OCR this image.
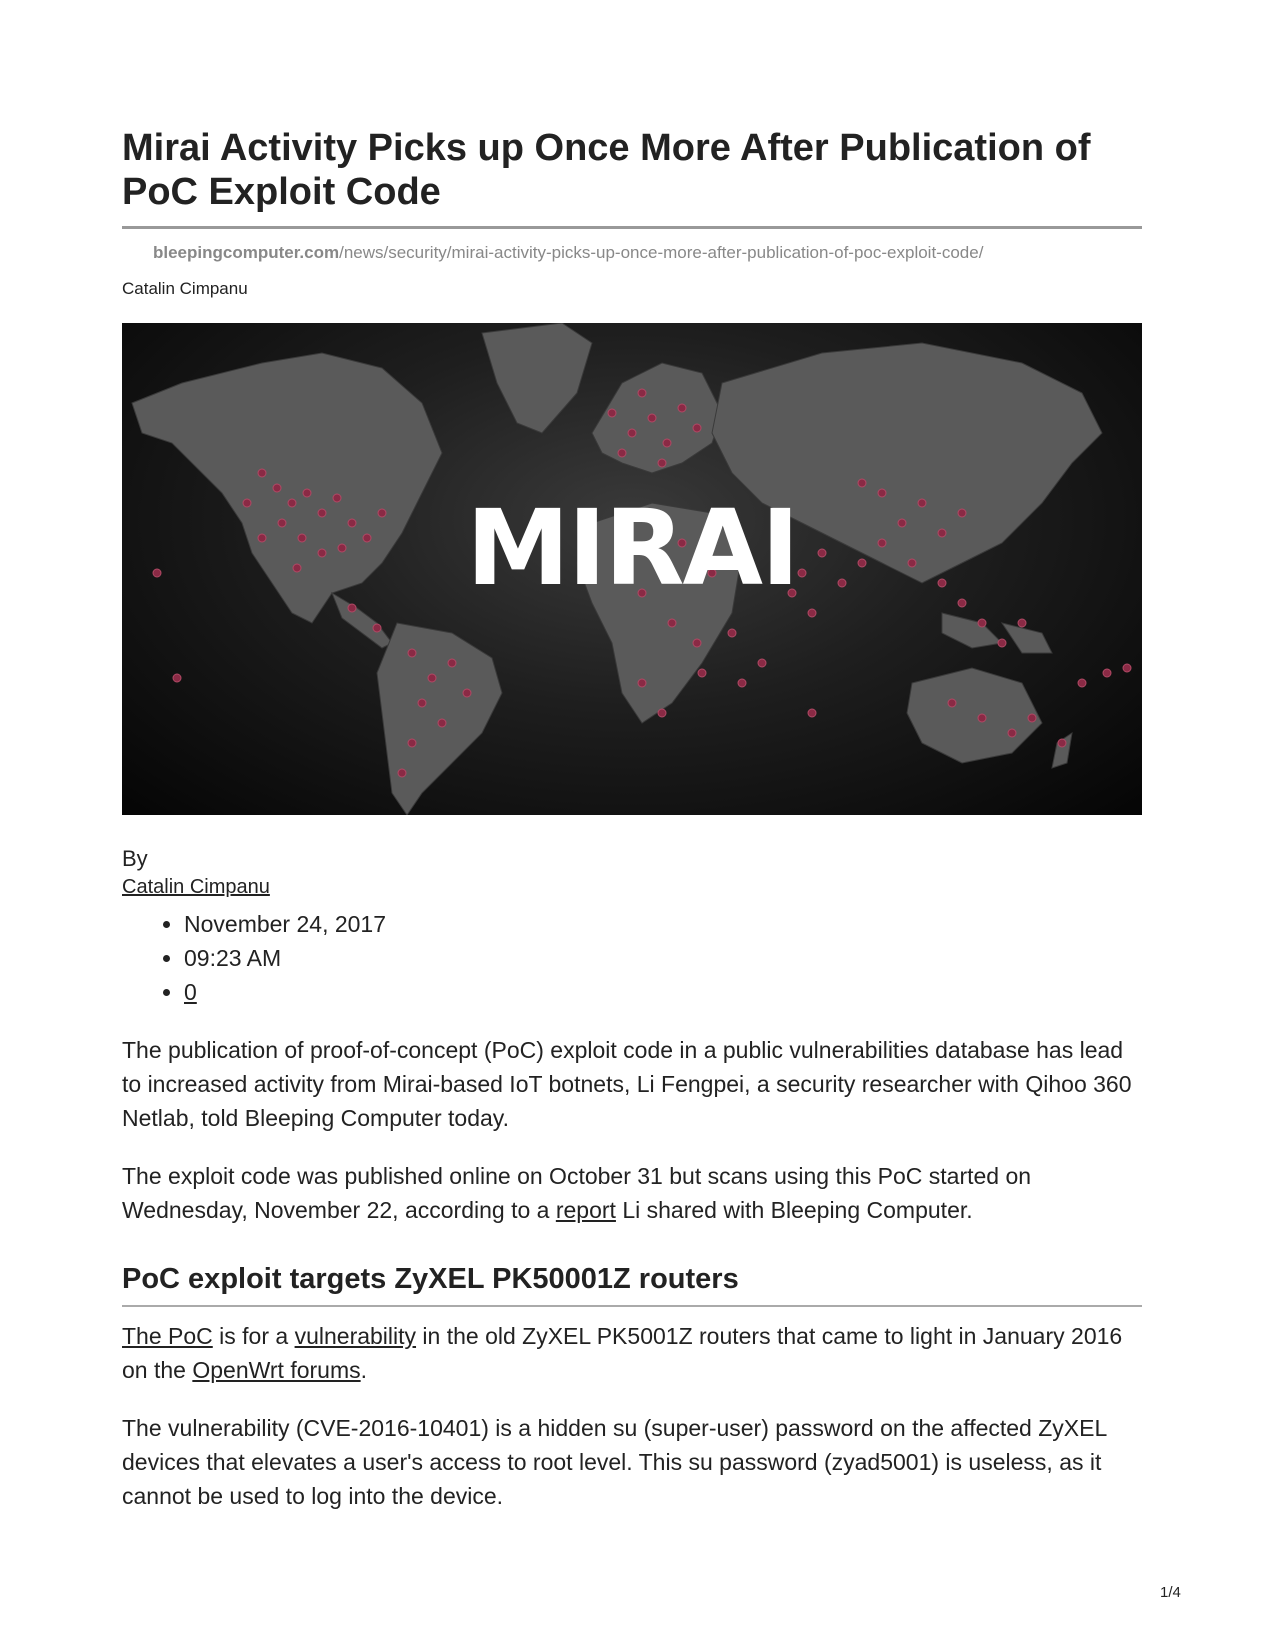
Mirai Activity Picks up Once More After Publication of PoC Exploit Code
bleepingcomputer.com/news/security/mirai-activity-picks-up-once-more-after-publication-of-poc-exploit-code/
Catalin Cimpanu
MIRAI
By
Catalin Cimpanu
• November 24, 2017
• 09:23 AM
• 0

The publication of proof-of-concept (PoC) exploit code in a public vulnerabilities database has lead to increased activity from Mirai-based IoT botnets, Li Fengpei, a security researcher with Qihoo 360 Netlab, told Bleeping Computer today.

The exploit code was published online on October 31 but scans using this PoC started on Wednesday, November 22, according to a report Li shared with Bleeping Computer.

PoC exploit targets ZyXEL PK50001Z routers

The PoC is for a vulnerability in the old ZyXEL PK5001Z routers that came to light in January 2016 on the OpenWrt forums.

The vulnerability (CVE-2016-10401) is a hidden su (super-user) password on the affected ZyXEL devices that elevates a user's access to root level. This su password (zyad5001) is useless, as it cannot be used to log into the device.

1/4
